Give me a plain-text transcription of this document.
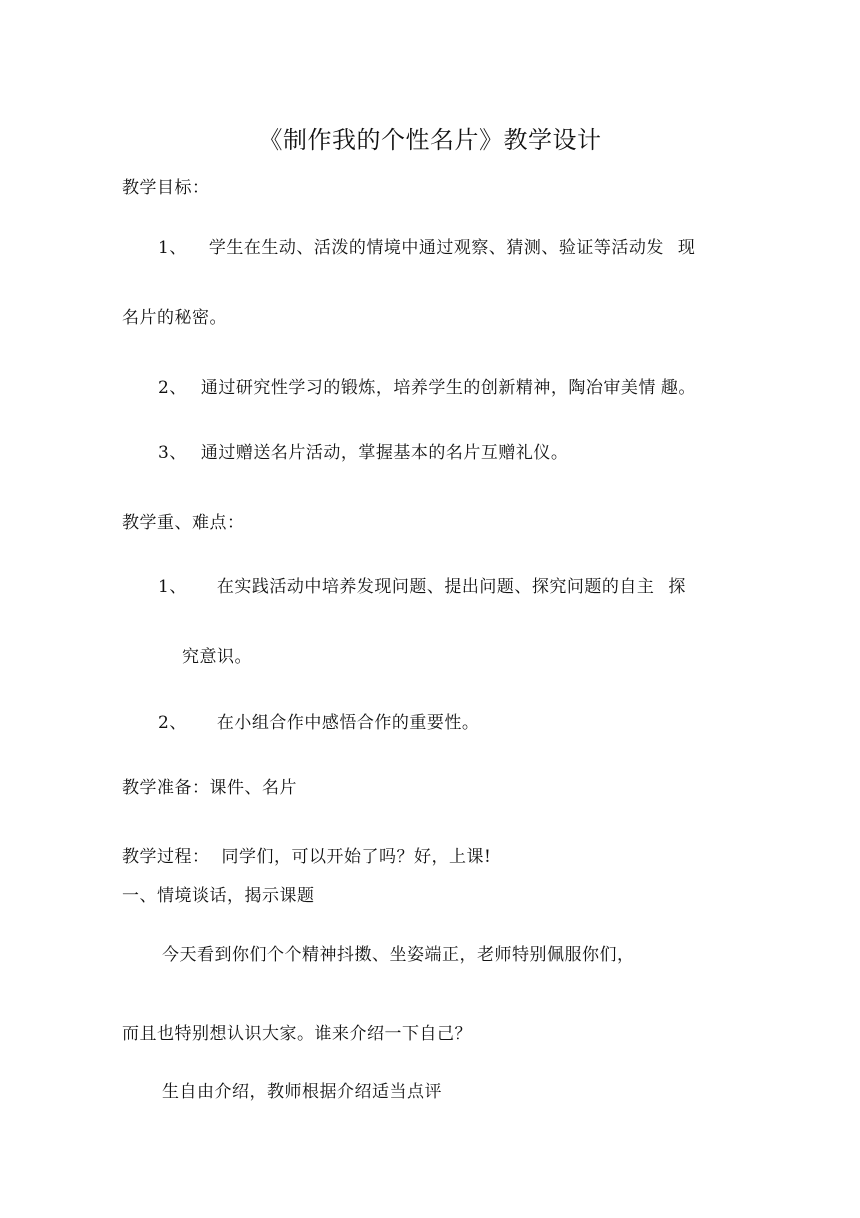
《制作我的个性名片》教学设计
教学目标：
1、 学生在生动、活泼的情境中通过观察、猜测、验证等活动发 现
名片的秘密。
2、 通过研究性学习的锻炼，培养学生的创新精神，陶冶审美情 趣。
3、 通过赠送名片活动，掌握基本的名片互赠礼仪。
教学重、难点：
1、 在实践活动中培养发现问题、提出问题、探究问题的自主 探
究意识。
2、 在小组合作中感悟合作的重要性。
教学准备：课件、名片
教学过程： 同学们，可以开始了吗？好，上课!
一、情境谈话，揭示课题
今天看到你们个个精神抖擞、坐姿端正，老师特别佩服你们，
而且也特别想认识大家。谁来介绍一下自己？
生自由介绍，教师根据介绍适当点评
